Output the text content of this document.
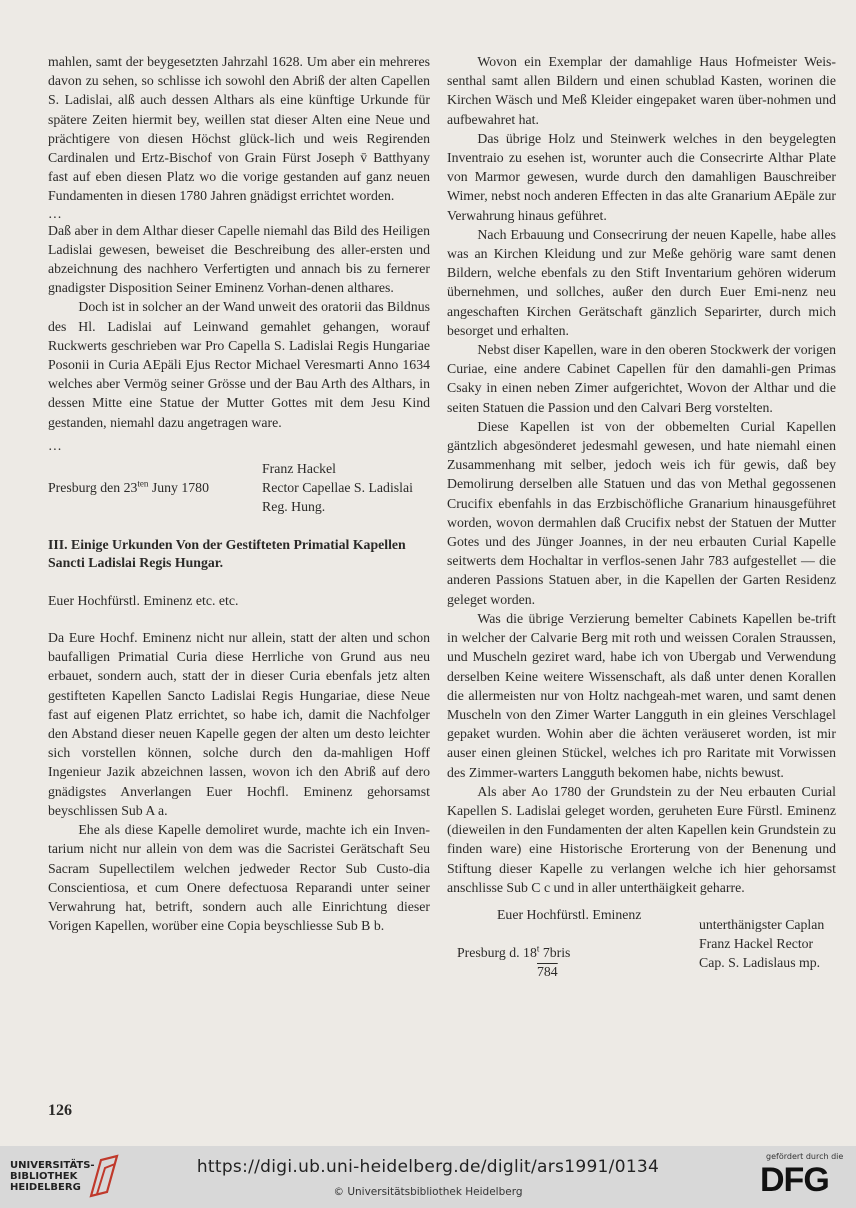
mahlen, samt der beygesetzten Jahrzahl 1628. Um aber ein mehreres davon zu sehen, so schlisse ich sowohl den Abriß der alten Capellen S. Ladislai, alß auch dessen Althars als eine künftige Urkunde für spätere Zeiten hiermit bey, weillen stat dieser Alten eine Neue und prächtigere von diesen Höchst glück-lich und weis Regirenden Cardinalen und Ertz-Bischof von Grain Fürst Joseph v̄ Batthyany fast auf eben diesen Platz wo die vorige gestanden auf ganz neuen Fundamenten in diesen 1780 Jahren gnädigst errichtet worden.

…

Daß aber in dem Althar dieser Capelle niemahl das Bild des Heiligen Ladislai gewesen, beweiset die Beschreibung des aller-ersten und abzeichnung des nachhero Verfertigten und annach bis zu fernerer gnadigster Disposition Seiner Eminenz Vorhan-denen althares.

Doch ist in solcher an der Wand unweit des oratorii das Bildnus des Hl. Ladislai auf Leinwand gemahlet gehangen, worauf Ruckwerts geschrieben war Pro Capella S. Ladislai Regis Hungariae Posonii in Curia AEpäli Ejus Rector Michael Veresmarti Anno 1634 welches aber Vermög seiner Grösse und der Bau Arth des Althars, in dessen Mitte eine Statue der Mutter Gottes mit dem Jesu Kind gestanden, niemahl dazu angetragen ware.

…

Franz Hackel
Presburg den $23^{ten}$ Juny 1780	Rector Capellae S. Ladislai
Reg. Hung.

III. Einige Urkunden Von der Gestifteten Primatial Kapellen Sancti Ladislai Regis Hungar.

Euer Hochfürstl. Eminenz etc. etc.

Da Eure Hochf. Eminenz nicht nur allein, statt der alten und schon baufalligen Primatial Curia diese Herrliche von Grund aus neu erbauet, sondern auch, statt der in dieser Curia ebenfals jetz alten gestifteten Kapellen Sancto Ladislai Regis Hungariae, diese Neue fast auf eigenen Platz errichtet, so habe ich, damit die Nachfolger den Abstand dieser neuen Kapelle gegen der alten um desto leichter sich vorstellen können, solche durch den da-mahligen Hoff Ingenieur Jazik abzeichnen lassen, wovon ich den Abriß auf dero gnädigstes Anverlangen Euer Hochfl. Eminenz gehorsamst beyschlissen Sub A a.

Ehe als diese Kapelle demoliret wurde, machte ich ein Inven-tarium nicht nur allein von dem was die Sacristei Gerätschaft Seu Sacram Supellectilem welchen jedweder Rector Sub Custo-dia Conscientiosa, et cum Onere defectuosa Reparandi unter seiner Verwahrung hat, betrift, sondern auch alle Einrichtung dieser Vorigen Kapellen, worüber eine Copia beyschliesse Sub B b.

Wovon ein Exemplar der damahlige Haus Hofmeister Weis-senthal samt allen Bildern und einen schublad Kasten, worinen die Kirchen Wäsch und Meß Kleider eingepaket waren über-nohmen und aufbewahret hat.

Das übrige Holz und Steinwerk welches in den beygelegten Inventraio zu esehen ist, worunter auch die Consecrirte Althar Plate von Marmor gewesen, wurde durch den damahligen Bauschreiber Wimer, nebst noch anderen Effecten in das alte Granarium AEpäle zur Verwahrung hinaus geführet.

Nach Erbauung und Consecrirung der neuen Kapelle, habe alles was an Kirchen Kleidung und zur Meße gehörig ware samt denen Bildern, welche ebenfals zu den Stift Inventarium gehören widerum übernehmen, und sollches, außer den durch Euer Emi-nenz neu angeschaften Kirchen Gerätschaft gänzlich Separirter, durch mich besorget und erhalten.

Nebst diser Kapellen, ware in den oberen Stockwerk der vorigen Curiae, eine andere Cabinet Capellen für den damahli-gen Primas Csaky in einen neben Zimer aufgerichtet, Wovon der Althar und die seiten Statuen die Passion und den Calvari Berg vorstelten.

Diese Kapellen ist von der obbemelten Curial Kapellen gäntzlich abgesönderet jedesmahl gewesen, und hate niemahl einen Zusammenhang mit selber, jedoch weis ich für gewis, daß bey Demolirung derselben alle Statuen und das von Methal gegossenen Crucifix ebenfahls in das Erzbischöfliche Granarium hinausgeführet worden, wovon dermahlen daß Crucifix nebst der Statuen der Mutter Gotes und des Jünger Joannes, in der neu erbauten Curial Kapelle seitwerts dem Hochaltar in verflos-senen Jahr 783 aufgestellet — die anderen Passions Statuen aber, in die Kapellen der Garten Residenz geleget worden.

Was die übrige Verzierung bemelter Cabinets Kapellen be-trift in welcher der Calvarie Berg mit roth und weissen Coralen Straussen, und Muscheln geziret ward, habe ich von Ubergab und Verwendung derselben Keine weitere Wissenschaft, als daß unter denen Korallen die allermeisten nur von Holtz nachgeah-met waren, und samt denen Muscheln von den Zimer Warter Langguth in ein gleines Verschlagel gepaket wurden. Wohin aber die ächten veräuseret worden, ist mir auser einen gleinen Stückel, welches ich pro Raritate mit Vorwissen des Zimmer-warters Langguth bekomen habe, nichts bewust.

Als aber Ao 1780 der Grundstein zu der Neu erbauten Curial Kapellen S. Ladislai geleget worden, geruheten Eure Fürstl. Eminenz (dieweilen in den Fundamenten der alten Kapellen kein Grundstein zu finden ware) eine Historische Erorterung von der Benenung und Stiftung dieser Kapelle zu verlangen welche ich hier gehorsamst anschlisse Sub C c und in aller unterthäigkeit geharre.

Euer Hochfürstl. Eminenz
Presburg d. 18$^t$ 7bris
784
unterthänigster Caplan
Franz Hackel Rector
Cap. S. Ladislaus mp.
126
UNIVERSITÄTS-
BIBLIOTHEK
HEIDELBERG
https://digi.ub.uni-heidelberg.de/diglit/ars1991/0134
© Universitätsbibliothek Heidelberg
gefördert durch die
DFG
